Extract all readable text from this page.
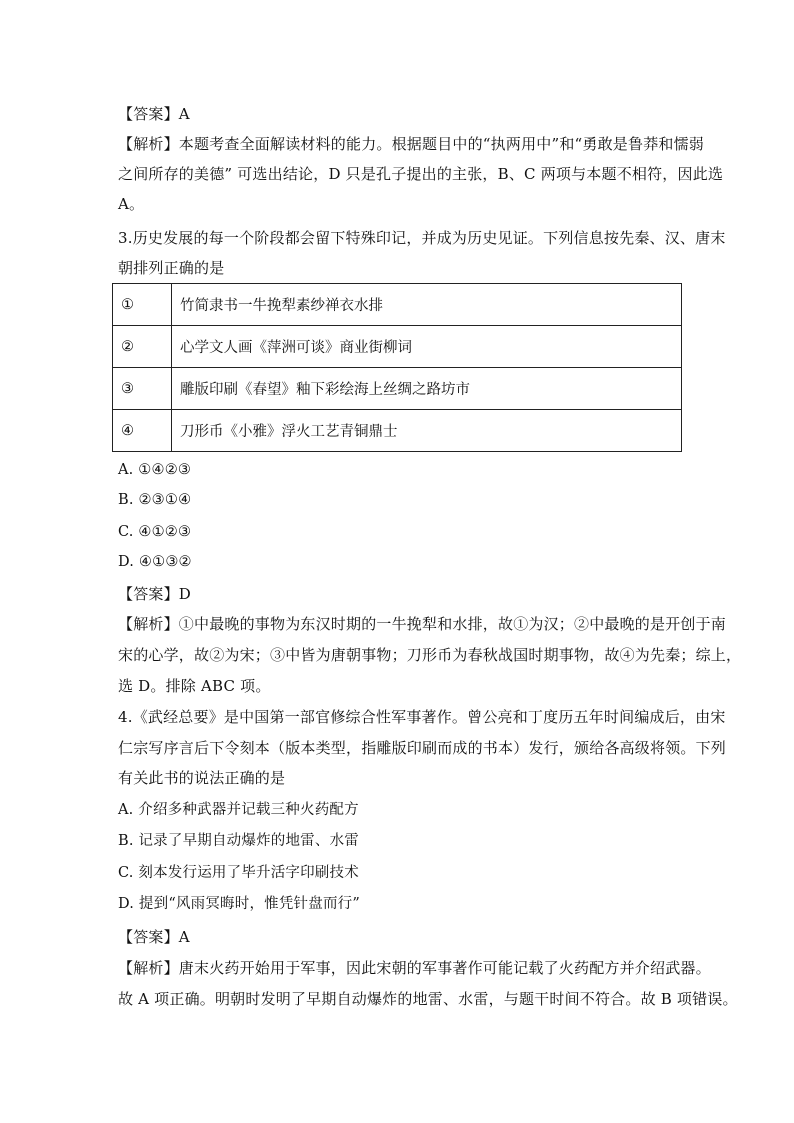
【答案】A
【解析】本题考查全面解读材料的能力。根据题目中的“执两用中”和“勇敢是鲁莽和懦弱
之间所存的美德” 可选出结论，D 只是孔子提出的主张，B、C 两项与本题不相符，因此选
A。
3.历史发展的每一个阶段都会留下特殊印记，并成为历史见证。下列信息按先秦、汉、唐末
朝排列正确的是
①	竹简隶书一牛挽犁素纱禅衣水排
②	心学文人画《萍洲可谈》商业街柳词
③	雕版印刷《春望》釉下彩绘海上丝绸之路坊市
④	刀形币《小雅》浮火工艺青铜鼎士
A. ①④②③
B. ②③①④
C. ④①②③
D. ④①③②
【答案】D
【解析】①中最晚的事物为东汉时期的一牛挽犁和水排，故①为汉；②中最晚的是开创于南
宋的心学，故②为宋；③中皆为唐朝事物；刀形币为春秋战国时期事物，故④为先秦；综上，
选 D。排除 ABC 项。
4.《武经总要》是中国第一部官修综合性军事著作。曾公亮和丁度历五年时间编成后，由宋
仁宗写序言后下令刻本（版本类型，指雕版印刷而成的书本）发行，颁给各高级将领。下列
有关此书的说法正确的是
A. 介绍多种武器并记载三种火药配方
B. 记录了早期自动爆炸的地雷、水雷
C. 刻本发行运用了毕升活字印刷技术
D. 提到“风雨冥晦时，惟凭针盘而行”
【答案】A
【解析】唐末火药开始用于军事，因此宋朝的军事著作可能记载了火药配方并介绍武器。
故 A 项正确。明朝时发明了早期自动爆炸的地雷、水雷，与题干时间不符合。故 B 项错误。
